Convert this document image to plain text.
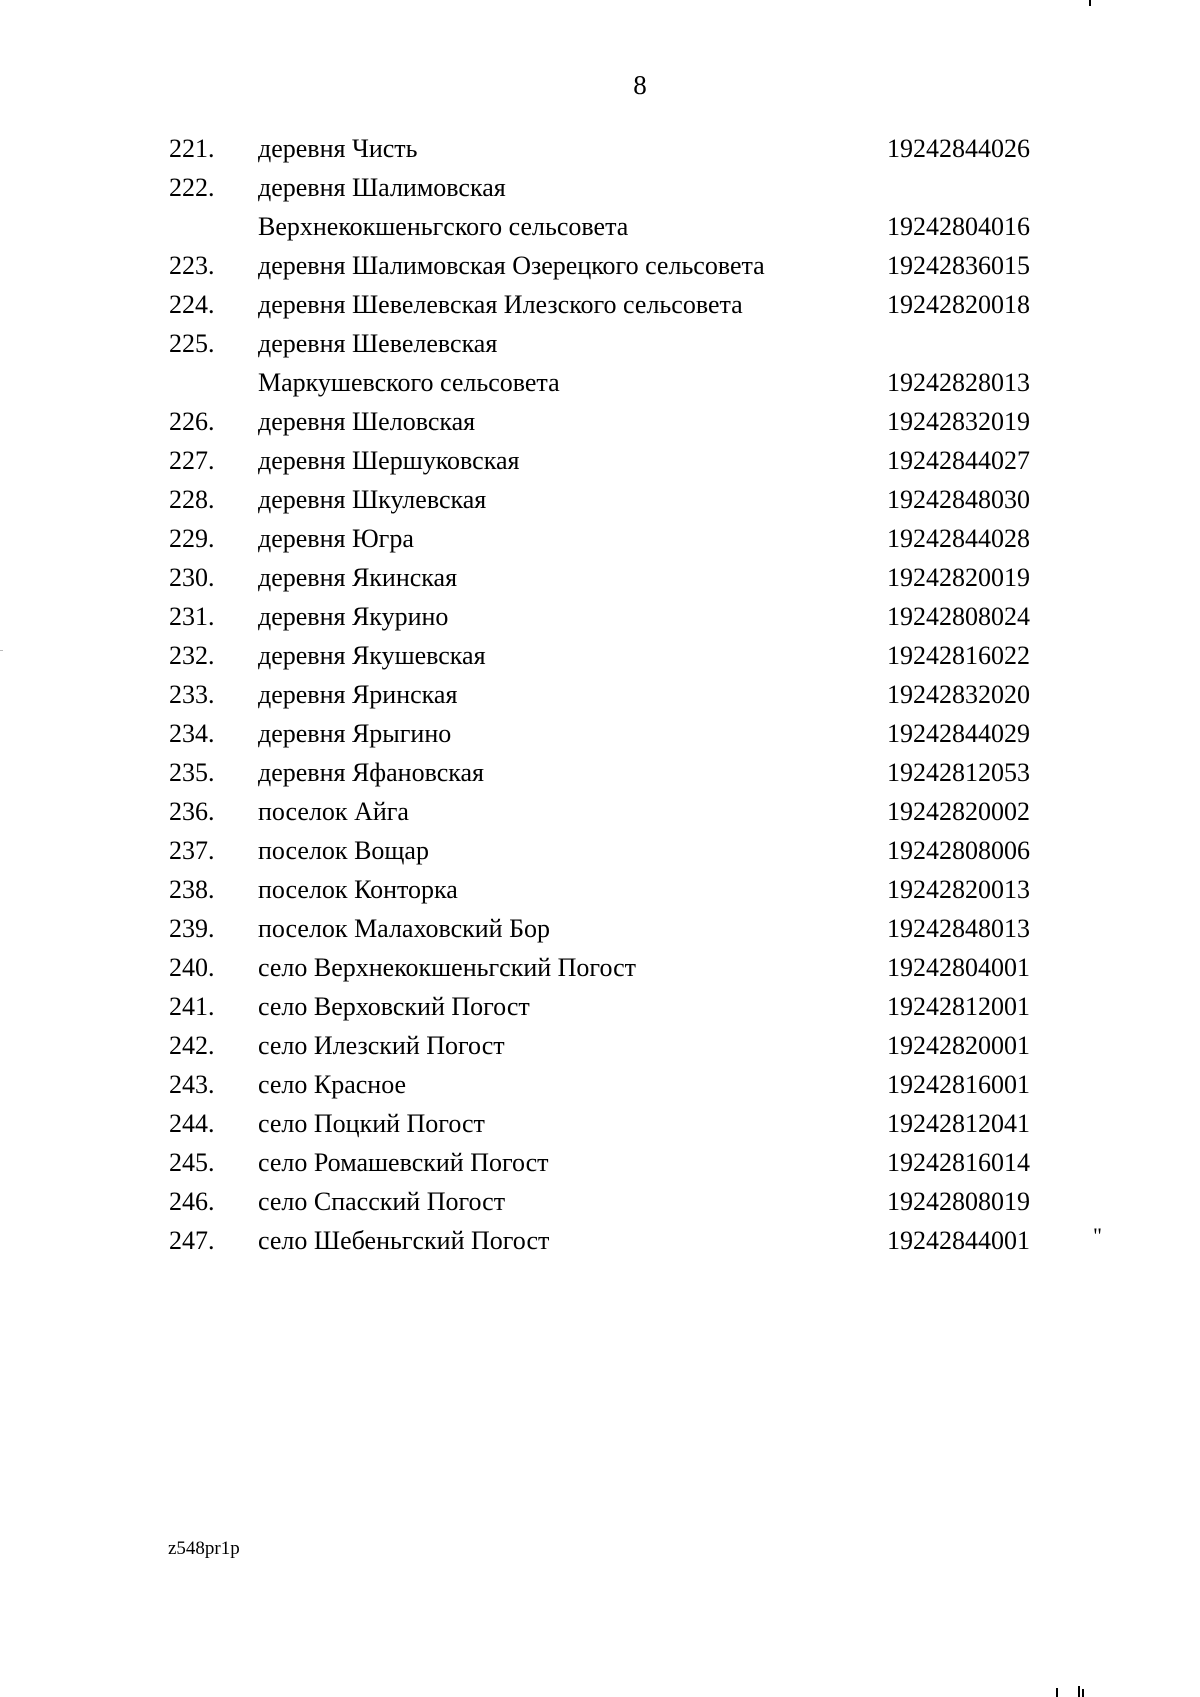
8
221. деревня Чисть	19242844026
222. деревня Шалимовская
Верхнекокшеньгского сельсовета	19242804016
223. деревня Шалимовская Озерецкого сельсовета	19242836015
224. деревня Шевелевская Илезского сельсовета	19242820018
225. деревня Шевелевская
Маркушевского сельсовета	19242828013
226. деревня Шеловская	19242832019
227. деревня Шершуковская	19242844027
228. деревня Шкулевская	19242848030
229. деревня Югра	19242844028
230. деревня Якинская	19242820019
231. деревня Якурино	19242808024
232. деревня Якушевская	19242816022
233. деревня Яринская	19242832020
234. деревня Ярыгино	19242844029
235. деревня Яфановская	19242812053
236. поселок Айга	19242820002
237. поселок Вощар	19242808006
238. поселок Конторка	19242820013
239. поселок Малаховский Бор	19242848013
240. село Верхнекокшеньгский Погост	19242804001
241. село Верховский Погост	19242812001
242. село Илезский Погост	19242820001
243. село Красное	19242816001
244. село Поцкий Погост	19242812041
245. село Ромашевский Погост	19242816014
246. село Спасский Погост	19242808019
247. село Шебеньгский Погост	19242844001	"
z548pr1p
